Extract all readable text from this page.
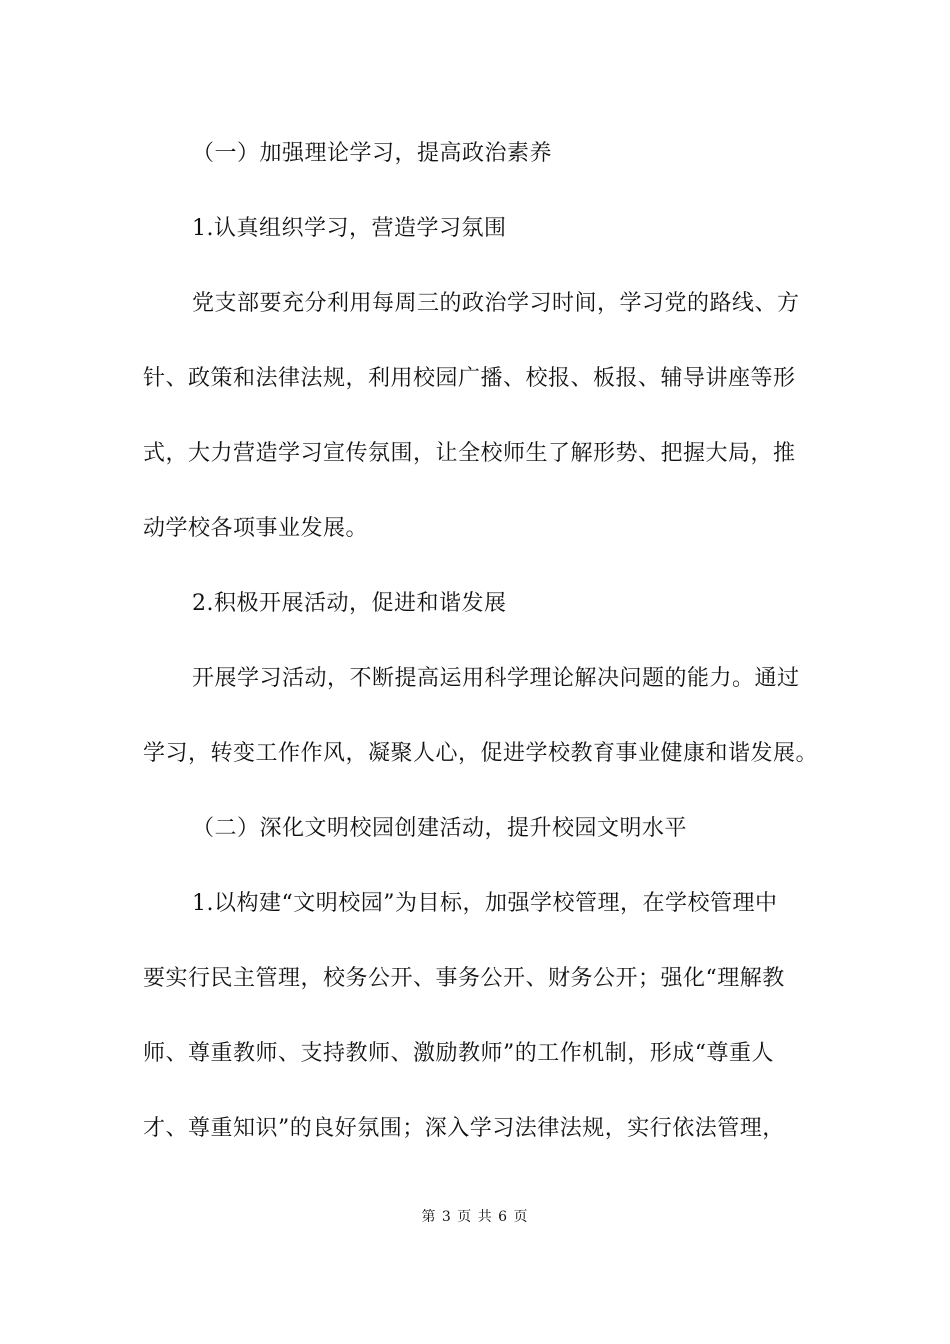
（一）加强理论学习，提高政治素养
1.认真组织学习，营造学习氛围
党支部要充分利用每周三的政治学习时间，学习党的路线、方
针、政策和法律法规，利用校园广播、校报、板报、辅导讲座等形
式，大力营造学习宣传氛围，让全校师生了解形势、把握大局，推
动学校各项事业发展。
2.积极开展活动，促进和谐发展
开展学习活动，不断提高运用科学理论解决问题的能力。通过
学习，转变工作作风，凝聚人心，促进学校教育事业健康和谐发展。
（二）深化文明校园创建活动，提升校园文明水平
1.以构建“文明校园”为目标，加强学校管理，在学校管理中
要实行民主管理，校务公开、事务公开、财务公开；强化“理解教
师、尊重教师、支持教师、激励教师”的工作机制，形成“尊重人
才、尊重知识”的良好氛围；深入学习法律法规，实行依法管理，
第 3 页 共 6 页
